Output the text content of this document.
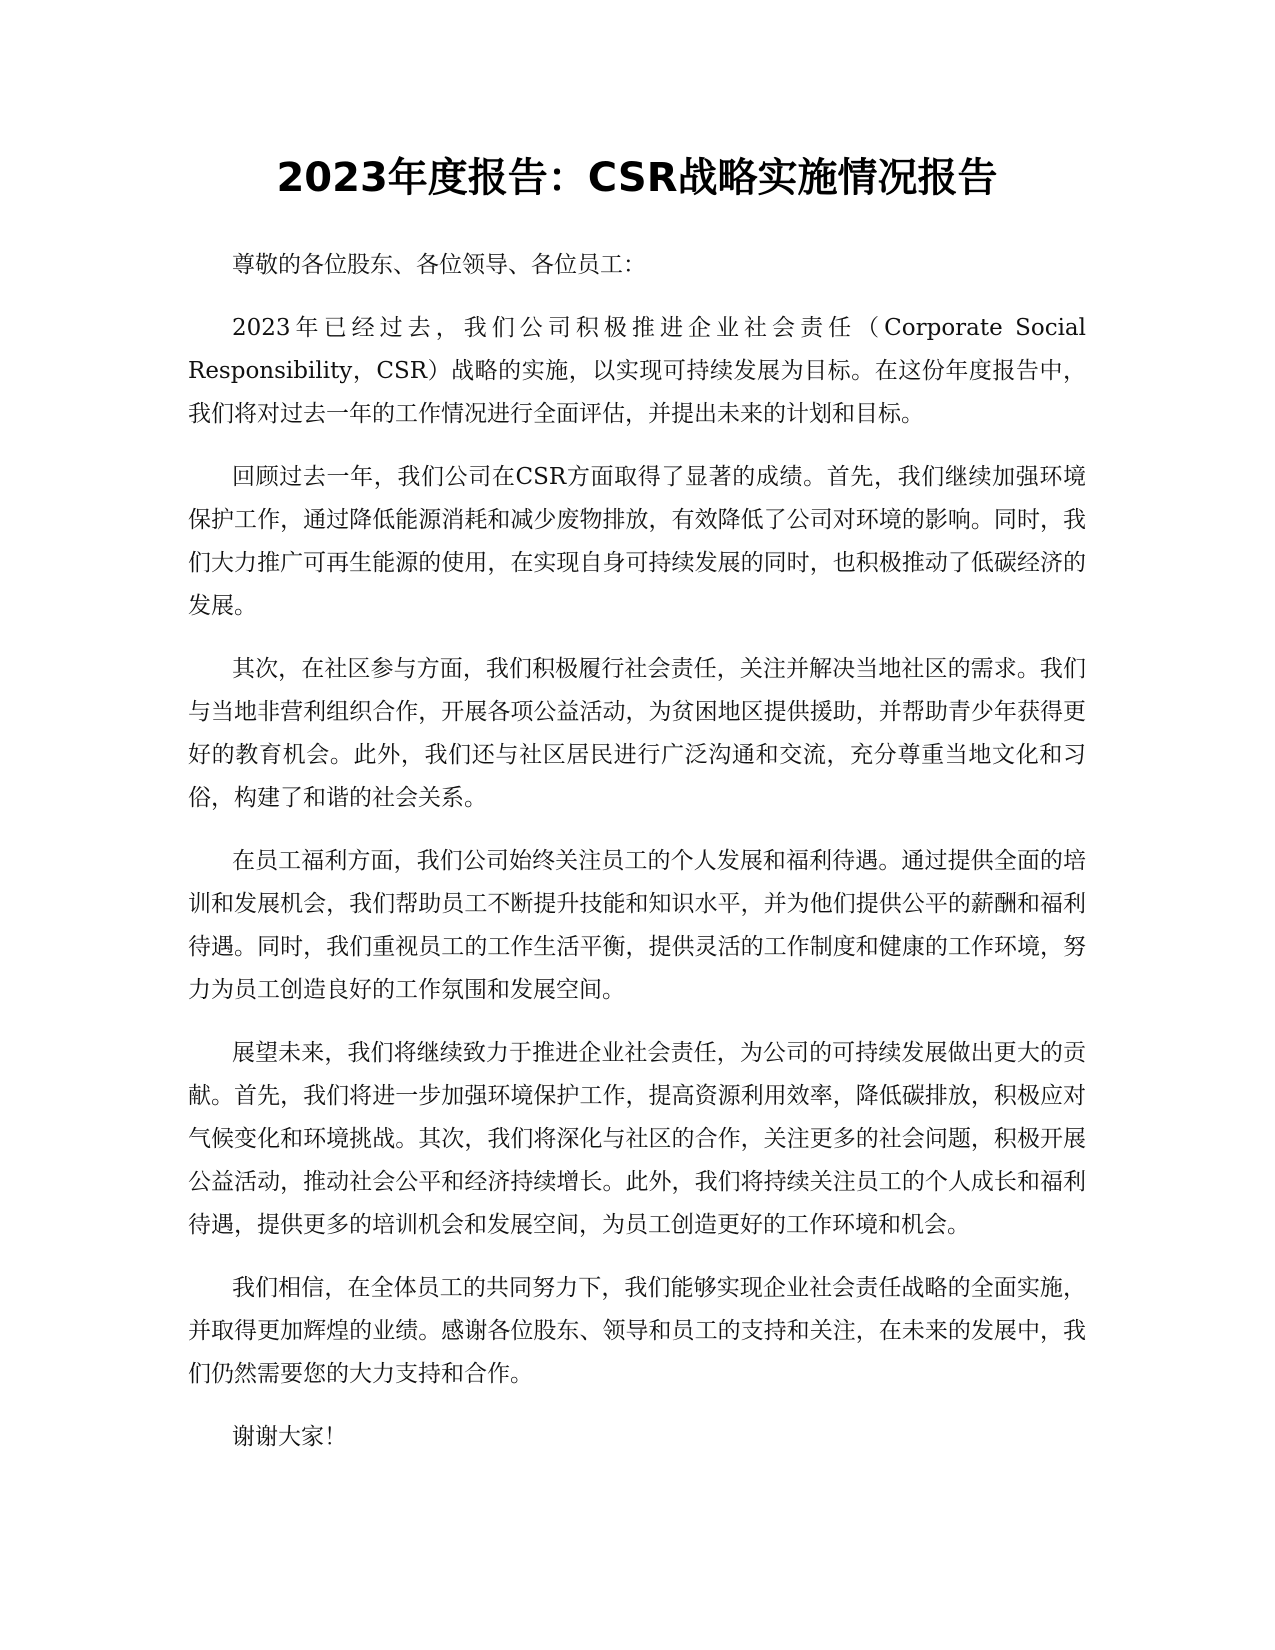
2023年度报告：CSR战略实施情况报告

尊敬的各位股东、各位领导、各位员工：

2023年已经过去，我们公司积极推进企业社会责任（Corporate Social Responsibility，CSR）战略的实施，以实现可持续发展为目标。在这份年度报告中，我们将对过去一年的工作情况进行全面评估，并提出未来的计划和目标。

回顾过去一年，我们公司在CSR方面取得了显著的成绩。首先，我们继续加强环境保护工作，通过降低能源消耗和减少废物排放，有效降低了公司对环境的影响。同时，我们大力推广可再生能源的使用，在实现自身可持续发展的同时，也积极推动了低碳经济的发展。

其次，在社区参与方面，我们积极履行社会责任，关注并解决当地社区的需求。我们与当地非营利组织合作，开展各项公益活动，为贫困地区提供援助，并帮助青少年获得更好的教育机会。此外，我们还与社区居民进行广泛沟通和交流，充分尊重当地文化和习俗，构建了和谐的社会关系。

在员工福利方面，我们公司始终关注员工的个人发展和福利待遇。通过提供全面的培训和发展机会，我们帮助员工不断提升技能和知识水平，并为他们提供公平的薪酬和福利待遇。同时，我们重视员工的工作生活平衡，提供灵活的工作制度和健康的工作环境，努力为员工创造良好的工作氛围和发展空间。

展望未来，我们将继续致力于推进企业社会责任，为公司的可持续发展做出更大的贡献。首先，我们将进一步加强环境保护工作，提高资源利用效率，降低碳排放，积极应对气候变化和环境挑战。其次，我们将深化与社区的合作，关注更多的社会问题，积极开展公益活动，推动社会公平和经济持续增长。此外，我们将持续关注员工的个人成长和福利待遇，提供更多的培训机会和发展空间，为员工创造更好的工作环境和机会。

我们相信，在全体员工的共同努力下，我们能够实现企业社会责任战略的全面实施，并取得更加辉煌的业绩。感谢各位股东、领导和员工的支持和关注，在未来的发展中，我们仍然需要您的大力支持和合作。

谢谢大家！
